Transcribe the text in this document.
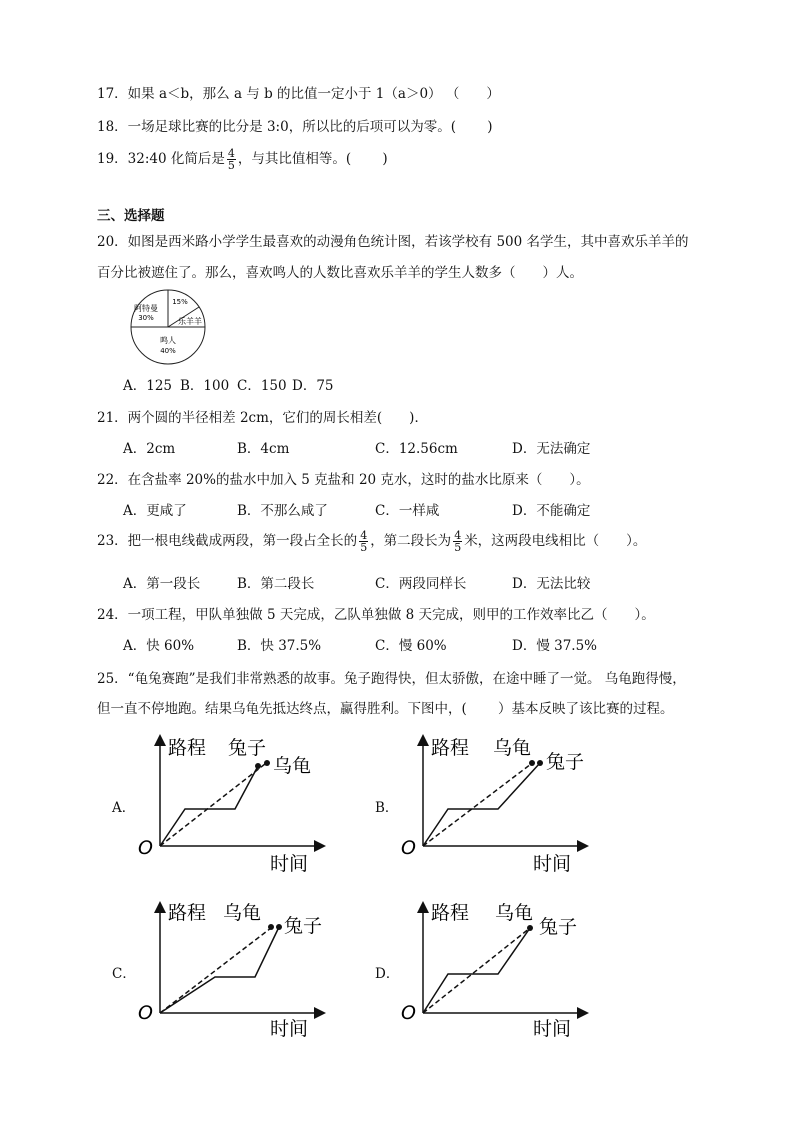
17．如果 a＜b，那么 a 与 b 的比值一定小于 1（a＞0） （　　）
18．一场足球比赛的比分是 3:0，所以比的后项可以为零。(　　 )
19．32:40 化简后是 $\frac{4}{5}$ ，与其比值相等。(　　 )
三、选择题
20．如图是西米路小学学生最喜欢的动漫角色统计图，若该学校有 500 名学生，其中喜欢乐羊羊的
百分比被遮住了。那么，喜欢鸣人的人数比喜欢乐羊羊的学生人数多（　　）人。
阿特曼
30%
15%
乐羊羊
鸣人
40%
A．125 B．100 C．150 D．75
21．两个圆的半径相差 2cm，它们的周长相差(　　)．
A．2cm	B．4cm	C．12.56cm	D．无法确定
22．在含盐率 20%的盐水中加入 5 克盐和 20 克水，这时的盐水比原来（　　）。
A．更咸了	B．不那么咸了	C．一样咸	D．不能确定
23．把一根电线截成两段，第一段占全长的 $\frac{4}{5}$ ，第二段长为 $\frac{4}{5}$ 米，这两段电线相比（　　）。
A．第一段长	B．第二段长	C．两段同样长	D．无法比较
24．一项工程，甲队单独做 5 天完成，乙队单独做 8 天完成，则甲的工作效率比乙（　　）。
A．快 60%	B．快 37.5%	C．慢 60%	D．慢 37.5%
25．“龟兔赛跑”是我们非常熟悉的故事。兔子跑得快，但太骄傲，在途中睡了一觉。 乌龟跑得慢，
但一直不停地跑。结果乌龟先抵达终点，赢得胜利。下图中，(　　 ）基本反映了该比赛的过程。
A．
路程 兔子
乌龟
O
时间
B．
路程 乌龟
兔子
O
时间
C．
路程 乌龟
兔子
O
时间
D．
路程 乌龟
兔子
O
时间
